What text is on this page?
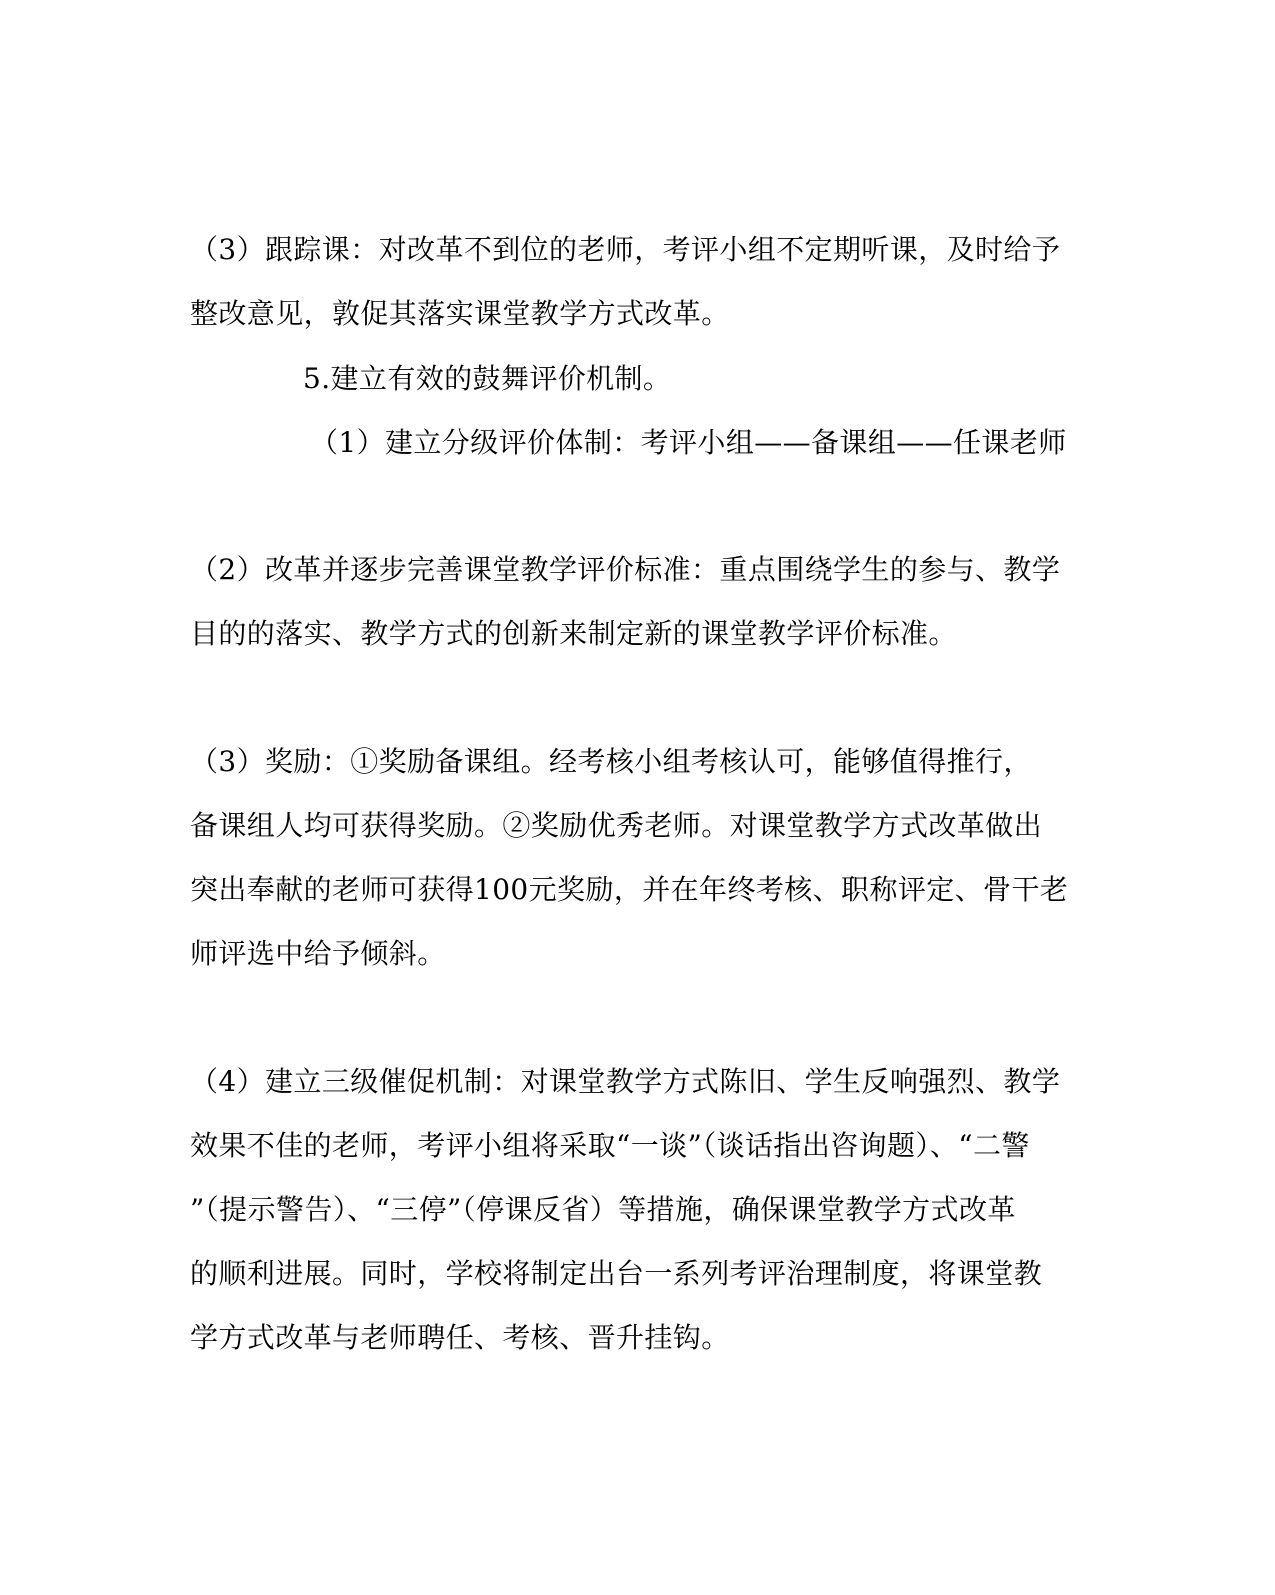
（3）跟踪课：对改革不到位的老师，考评小组不定期听课，及时给予
整改意见，敦促其落实课堂教学方式改革。
5.建立有效的鼓舞评价机制。
（1）建立分级评价体制：考评小组——备课组——任课老师
（2）改革并逐步完善课堂教学评价标准：重点围绕学生的参与、教学
目的的落实、教学方式的创新来制定新的课堂教学评价标准。
（3）奖励：①奖励备课组。经考核小组考核认可，能够值得推行，
备课组人均可获得奖励。②奖励优秀老师。对课堂教学方式改革做出
突出奉献的老师可获得100元奖励，并在年终考核、职称评定、骨干老
师评选中给予倾斜。
（4）建立三级催促机制：对课堂教学方式陈旧、学生反响强烈、教学
效果不佳的老师，考评小组将采取“一谈”（谈话指出咨询题）、“二警
”（提示警告）、“三停”（停课反省）等措施，确保课堂教学方式改革
的顺利进展。同时，学校将制定出台一系列考评治理制度，将课堂教
学方式改革与老师聘任、考核、晋升挂钩。
